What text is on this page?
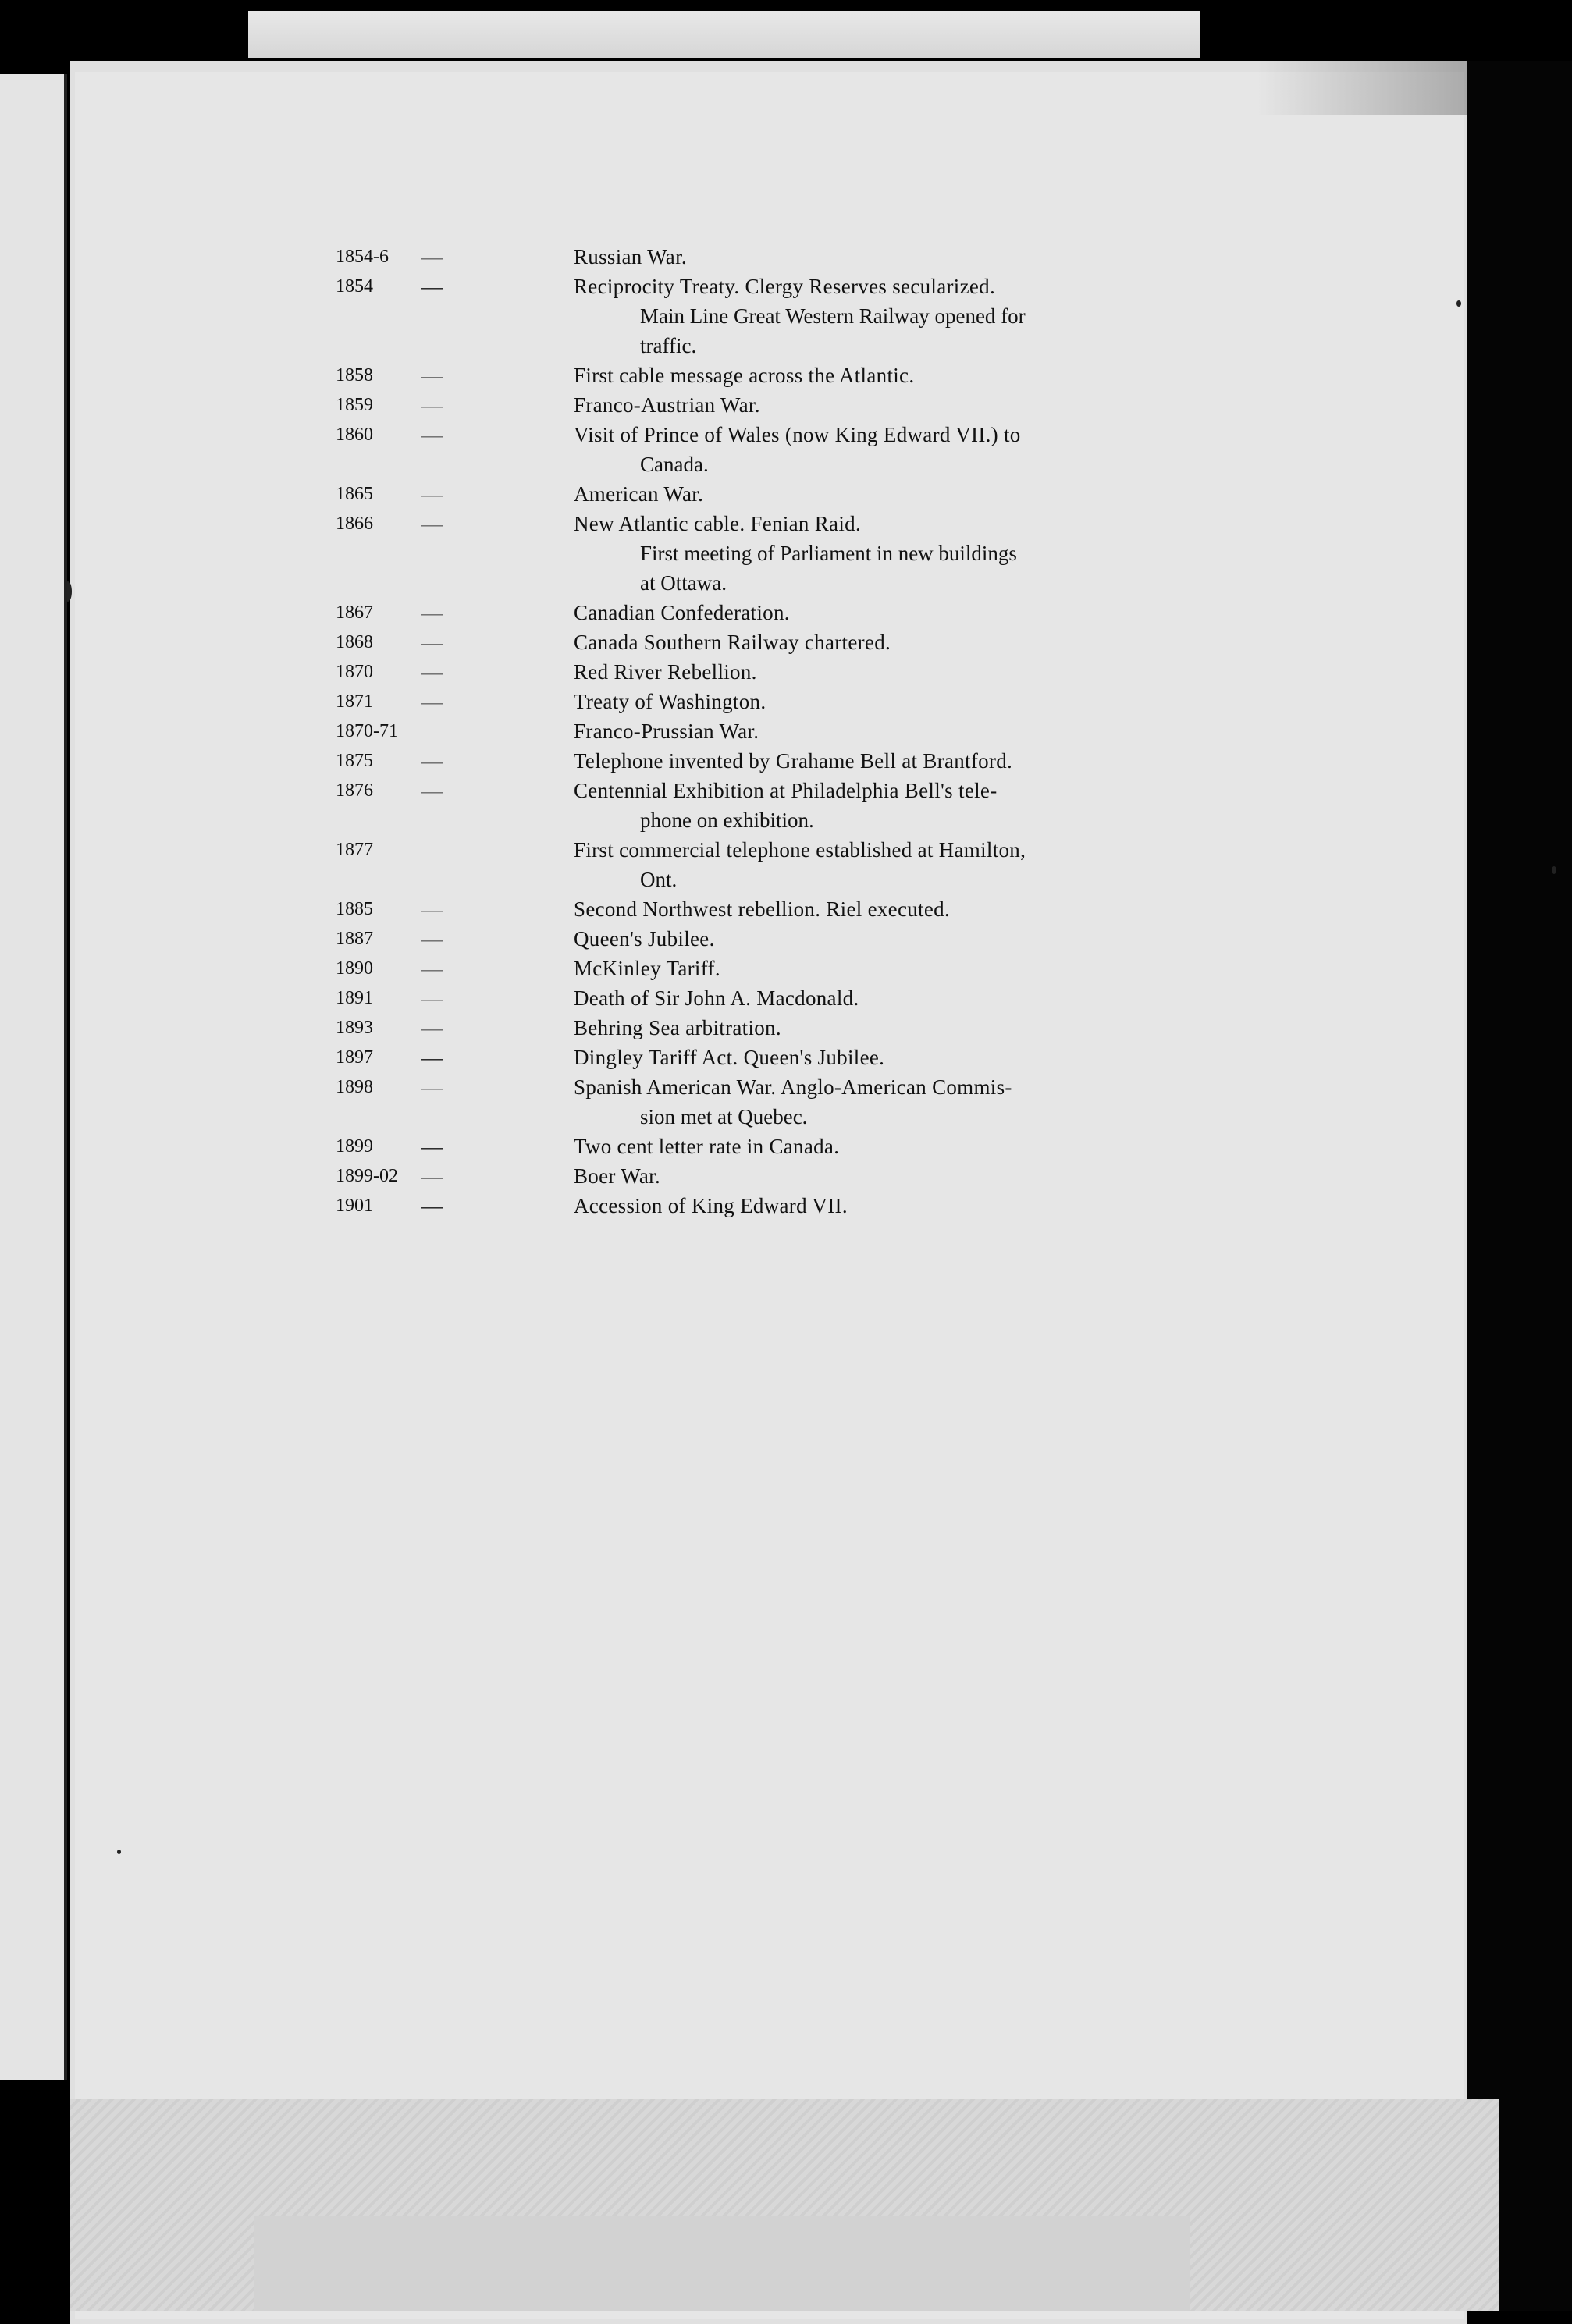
1854-6	—	Russian War.
1854	—	Reciprocity Treaty. Clergy Reserves secularized.
Main Line Great Western Railway opened for
traffic.
1858	—	First cable message across the Atlantic.
1859	—	Franco-Austrian War.
1860	—	Visit of Prince of Wales (now King Edward VII.) to
Canada.
1865	—	American War.
1866	—	New Atlantic cable. Fenian Raid.
First meeting of Parliament in new buildings
at Ottawa.
1867	—	Canadian Confederation.
1868	—	Canada Southern Railway chartered.
1870	—	Red River Rebellion.
1871	—	Treaty of Washington.
1870-71	Franco-Prussian War.
1875	—	Telephone invented by Grahame Bell at Brantford.
1876	—	Centennial Exhibition at Philadelphia Bell's tele-
phone on exhibition.
1877	First commercial telephone established at Hamilton,
Ont.
1885	—	Second Northwest rebellion. Riel executed.
1887	—	Queen's Jubilee.
1890	—	McKinley Tariff.
1891	—	Death of Sir John A. Macdonald.
1893	—	Behring Sea arbitration.
1897	—	Dingley Tariff Act. Queen's Jubilee.
1898	—	Spanish American War. Anglo-American Commis-
sion met at Quebec.
1899	—	Two cent letter rate in Canada.
1899-02	—	Boer War.
1901	—	Accession of King Edward VII.
